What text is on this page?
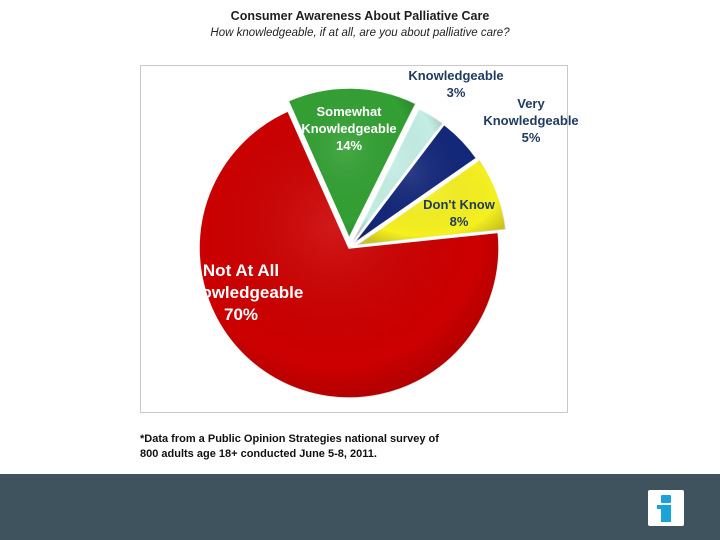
Consumer Awareness About Palliative Care
How knowledgeable, if at all, are you about palliative care?
Not At All Knowledgeable 70%
Somewhat Knowledgeable 14%
Knowledgeable 3%
Very Knowledgeable 5%
Don't Know 8%
*Data from a Public Opinion Strategies national survey of
800 adults age 18+ conducted June 5-8, 2011.
